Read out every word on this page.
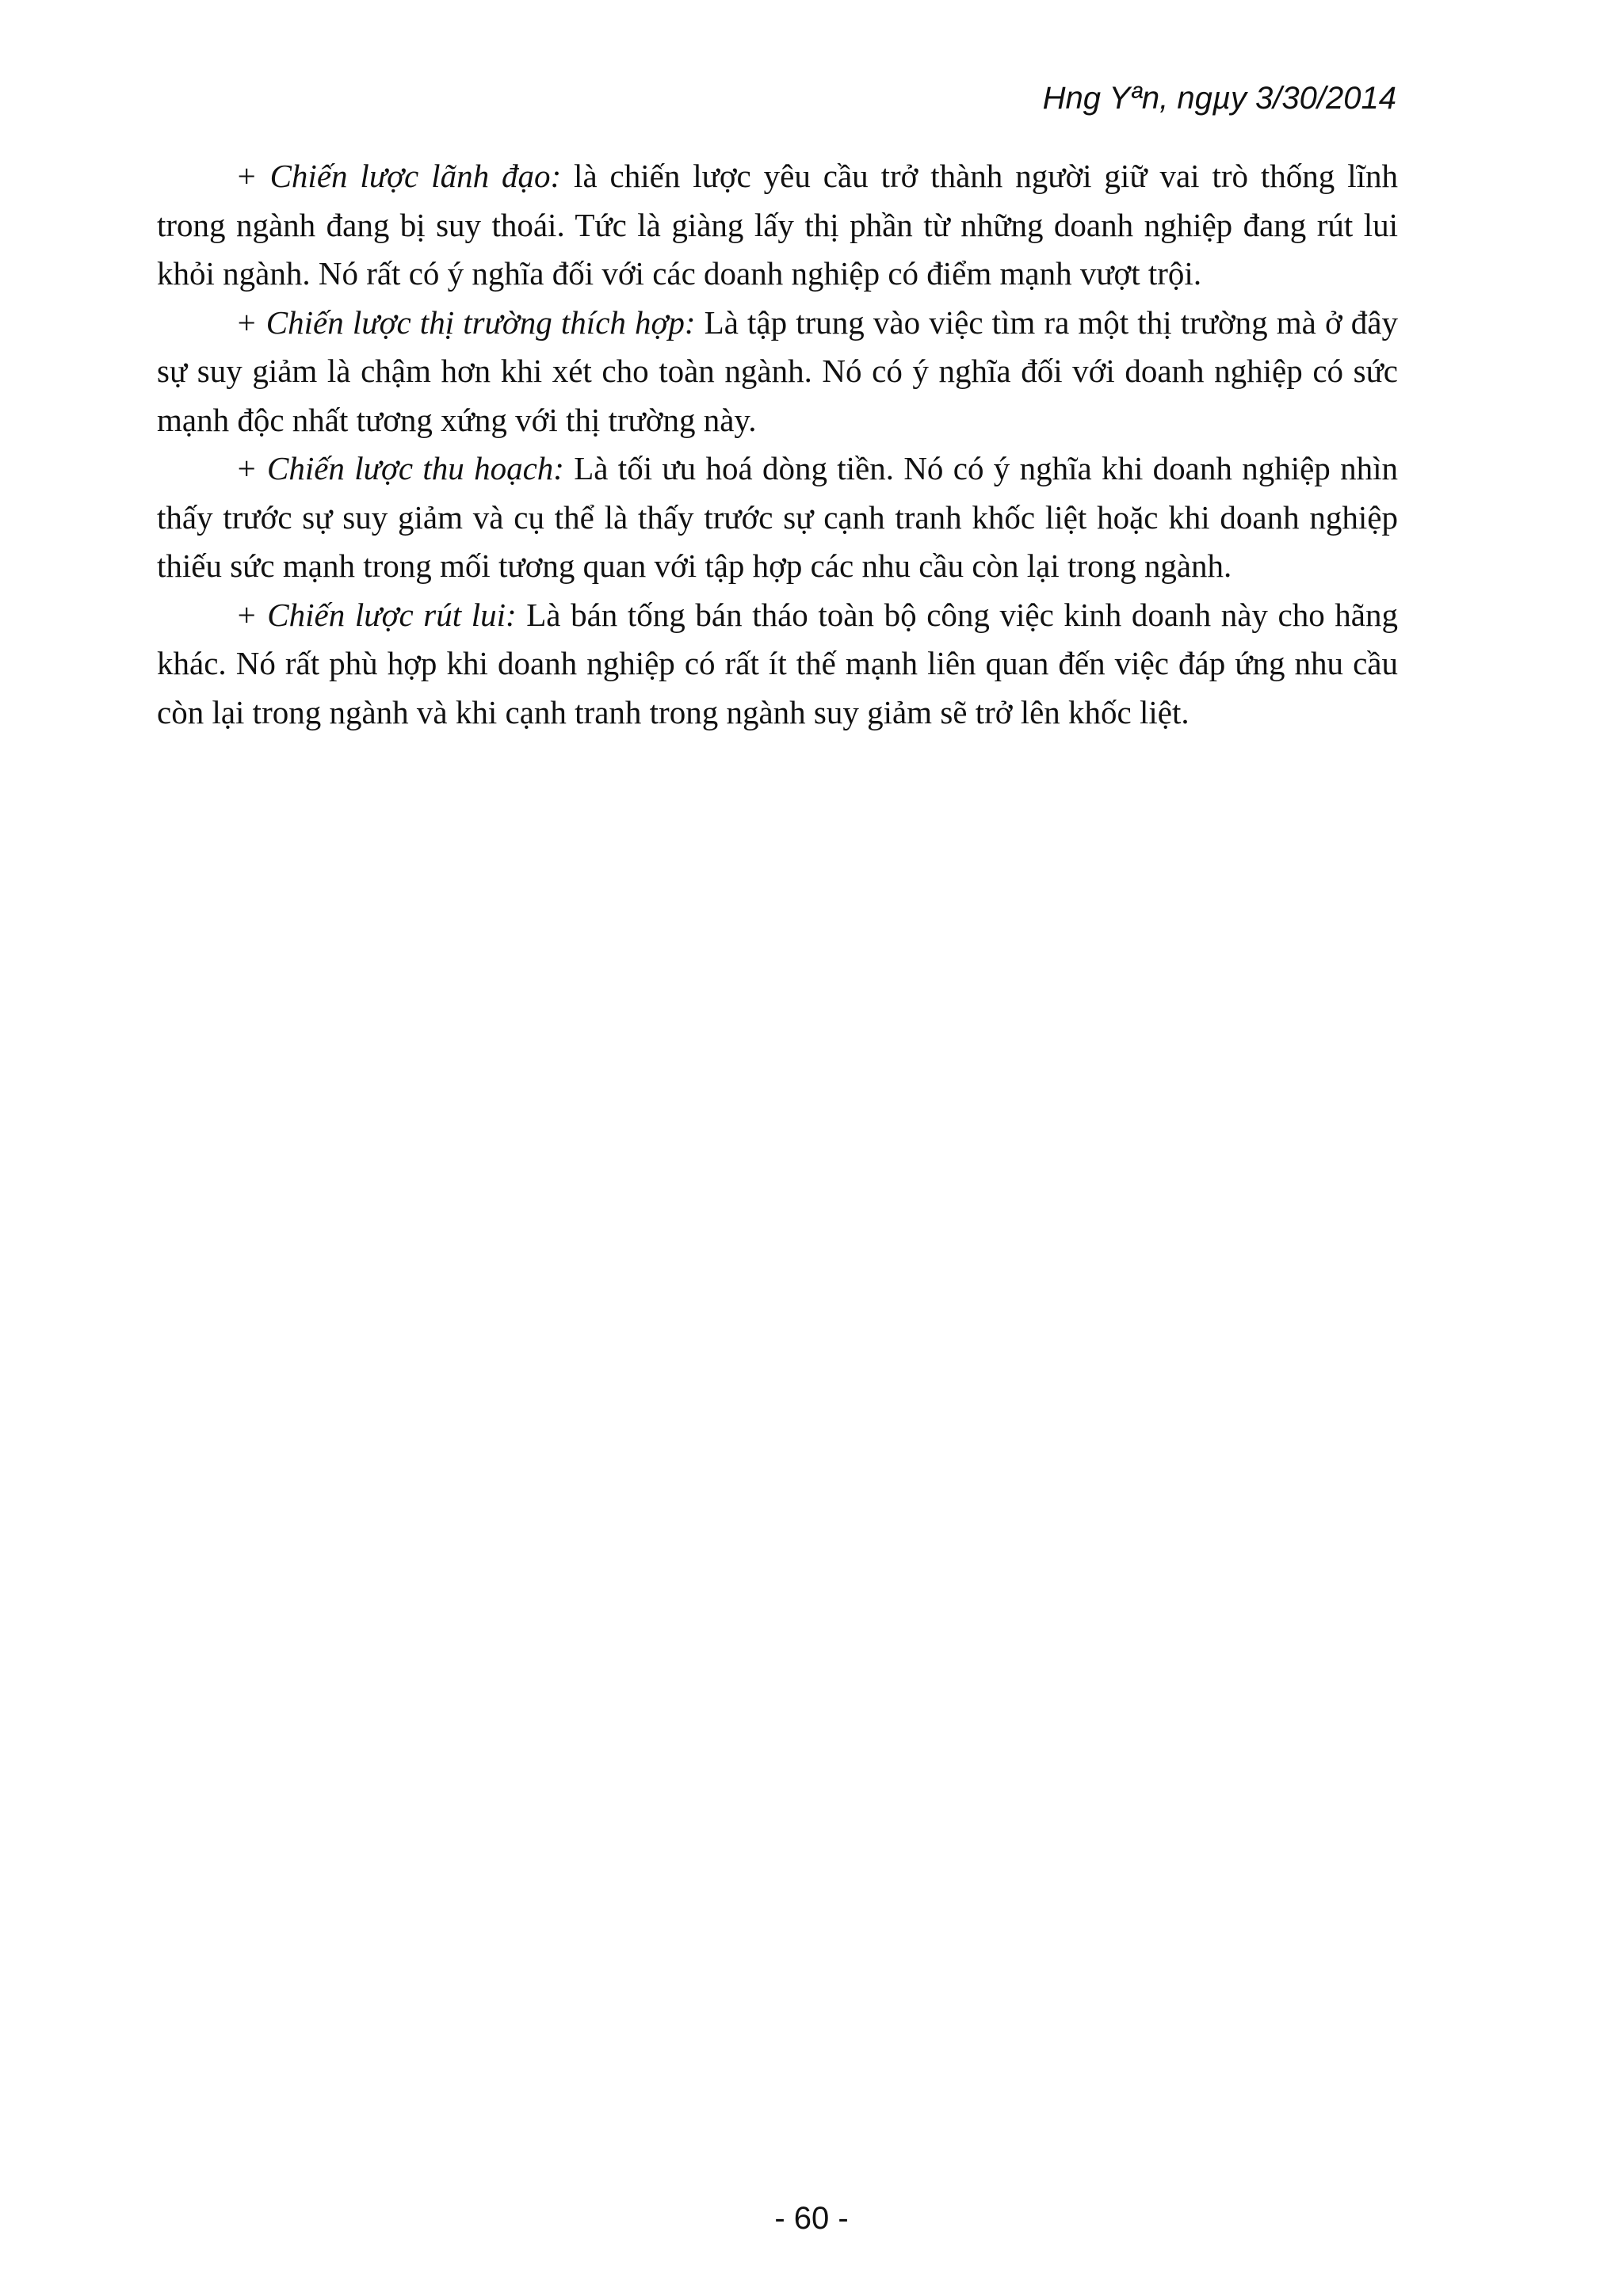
Hng Yªn, ngµy 3/30/2014

+ Chiến lược lãnh đạo: là chiến lược yêu cầu trở thành người giữ vai trò thống lĩnh trong ngành đang bị suy thoái. Tức là giàng lấy thị phần từ những doanh nghiệp đang rút lui khỏi ngành. Nó rất có ý nghĩa đối với các doanh nghiệp có điểm mạnh vượt trội.

+ Chiến lược thị trường thích hợp: Là tập trung vào việc tìm ra một thị trường mà ở đây sự suy giảm là chậm hơn khi xét cho toàn ngành. Nó có ý nghĩa đối với doanh nghiệp có sức mạnh độc nhất tương xứng với thị trường này.

+ Chiến lược thu hoạch: Là tối ưu hoá dòng tiền. Nó có ý nghĩa khi doanh nghiệp nhìn thấy trước sự suy giảm và cụ thể là thấy trước sự cạnh tranh khốc liệt hoặc khi doanh nghiệp thiếu sức mạnh trong mối tương quan với tập hợp các nhu cầu còn lại trong ngành.

+ Chiến lược rút lui: Là bán tống bán tháo toàn bộ công việc kinh doanh này cho hãng khác. Nó rất phù hợp khi doanh nghiệp có rất ít thế mạnh liên quan đến việc đáp ứng nhu cầu còn lại trong ngành và khi cạnh tranh trong ngành suy giảm sẽ trở lên khốc liệt.

- 60 -
